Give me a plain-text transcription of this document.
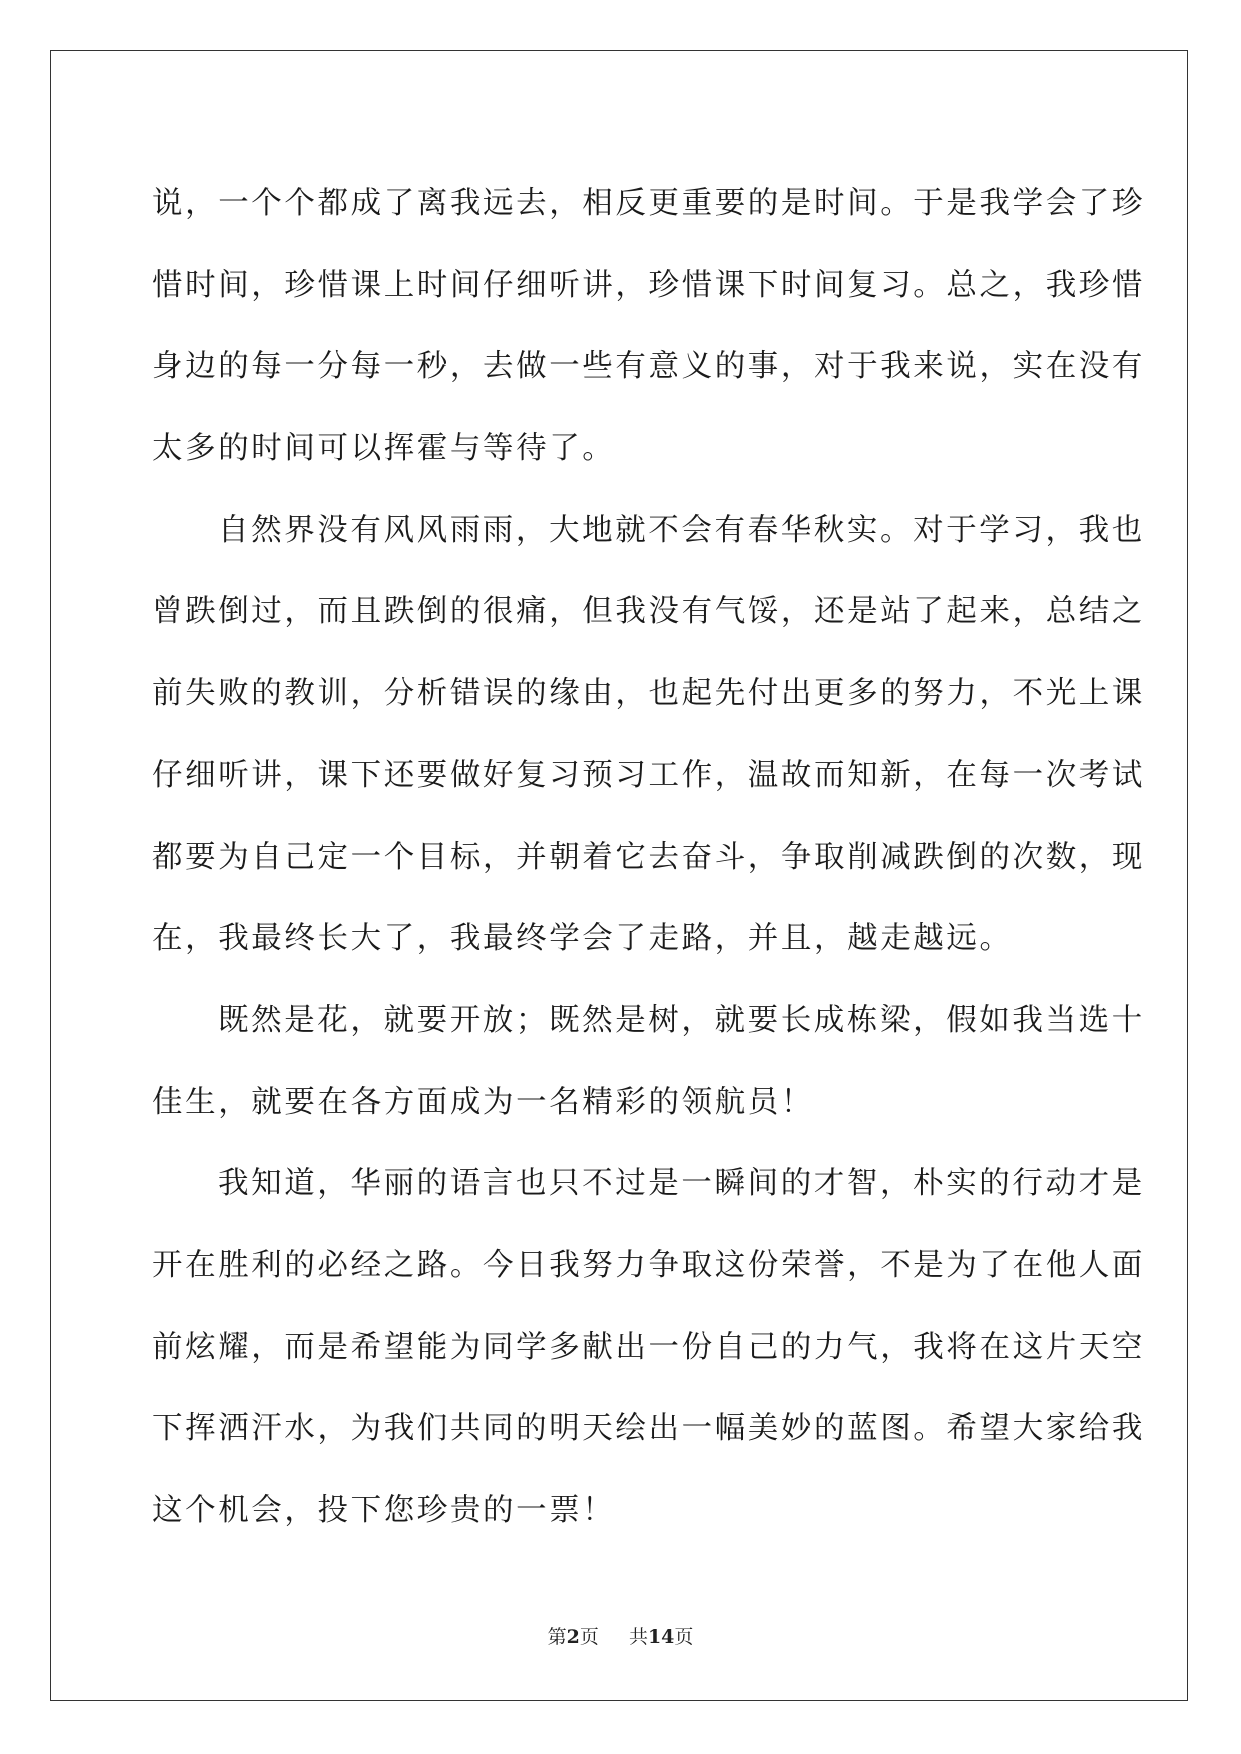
说，一个个都成了离我远去，相反更重要的是时间。于是我学会了珍
惜时间，珍惜课上时间仔细听讲，珍惜课下时间复习。总之，我珍惜
身边的每一分每一秒，去做一些有意义的事，对于我来说，实在没有
太多的时间可以挥霍与等待了。
自然界没有风风雨雨，大地就不会有春华秋实。对于学习，我也
曾跌倒过，而且跌倒的很痛，但我没有气馁，还是站了起来，总结之
前失败的教训，分析错误的缘由，也起先付出更多的努力，不光上课
仔细听讲，课下还要做好复习预习工作，温故而知新，在每一次考试
都要为自己定一个目标，并朝着它去奋斗，争取削减跌倒的次数，现
在，我最终长大了，我最终学会了走路，并且，越走越远。
既然是花，就要开放；既然是树，就要长成栋梁，假如我当选十
佳生，就要在各方面成为一名精彩的领航员！
我知道，华丽的语言也只不过是一瞬间的才智，朴实的行动才是
开在胜利的必经之路。今日我努力争取这份荣誉，不是为了在他人面
前炫耀，而是希望能为同学多献出一份自己的力气，我将在这片天空
下挥洒汗水，为我们共同的明天绘出一幅美妙的蓝图。希望大家给我
这个机会，投下您珍贵的一票！
第2页 共14页
